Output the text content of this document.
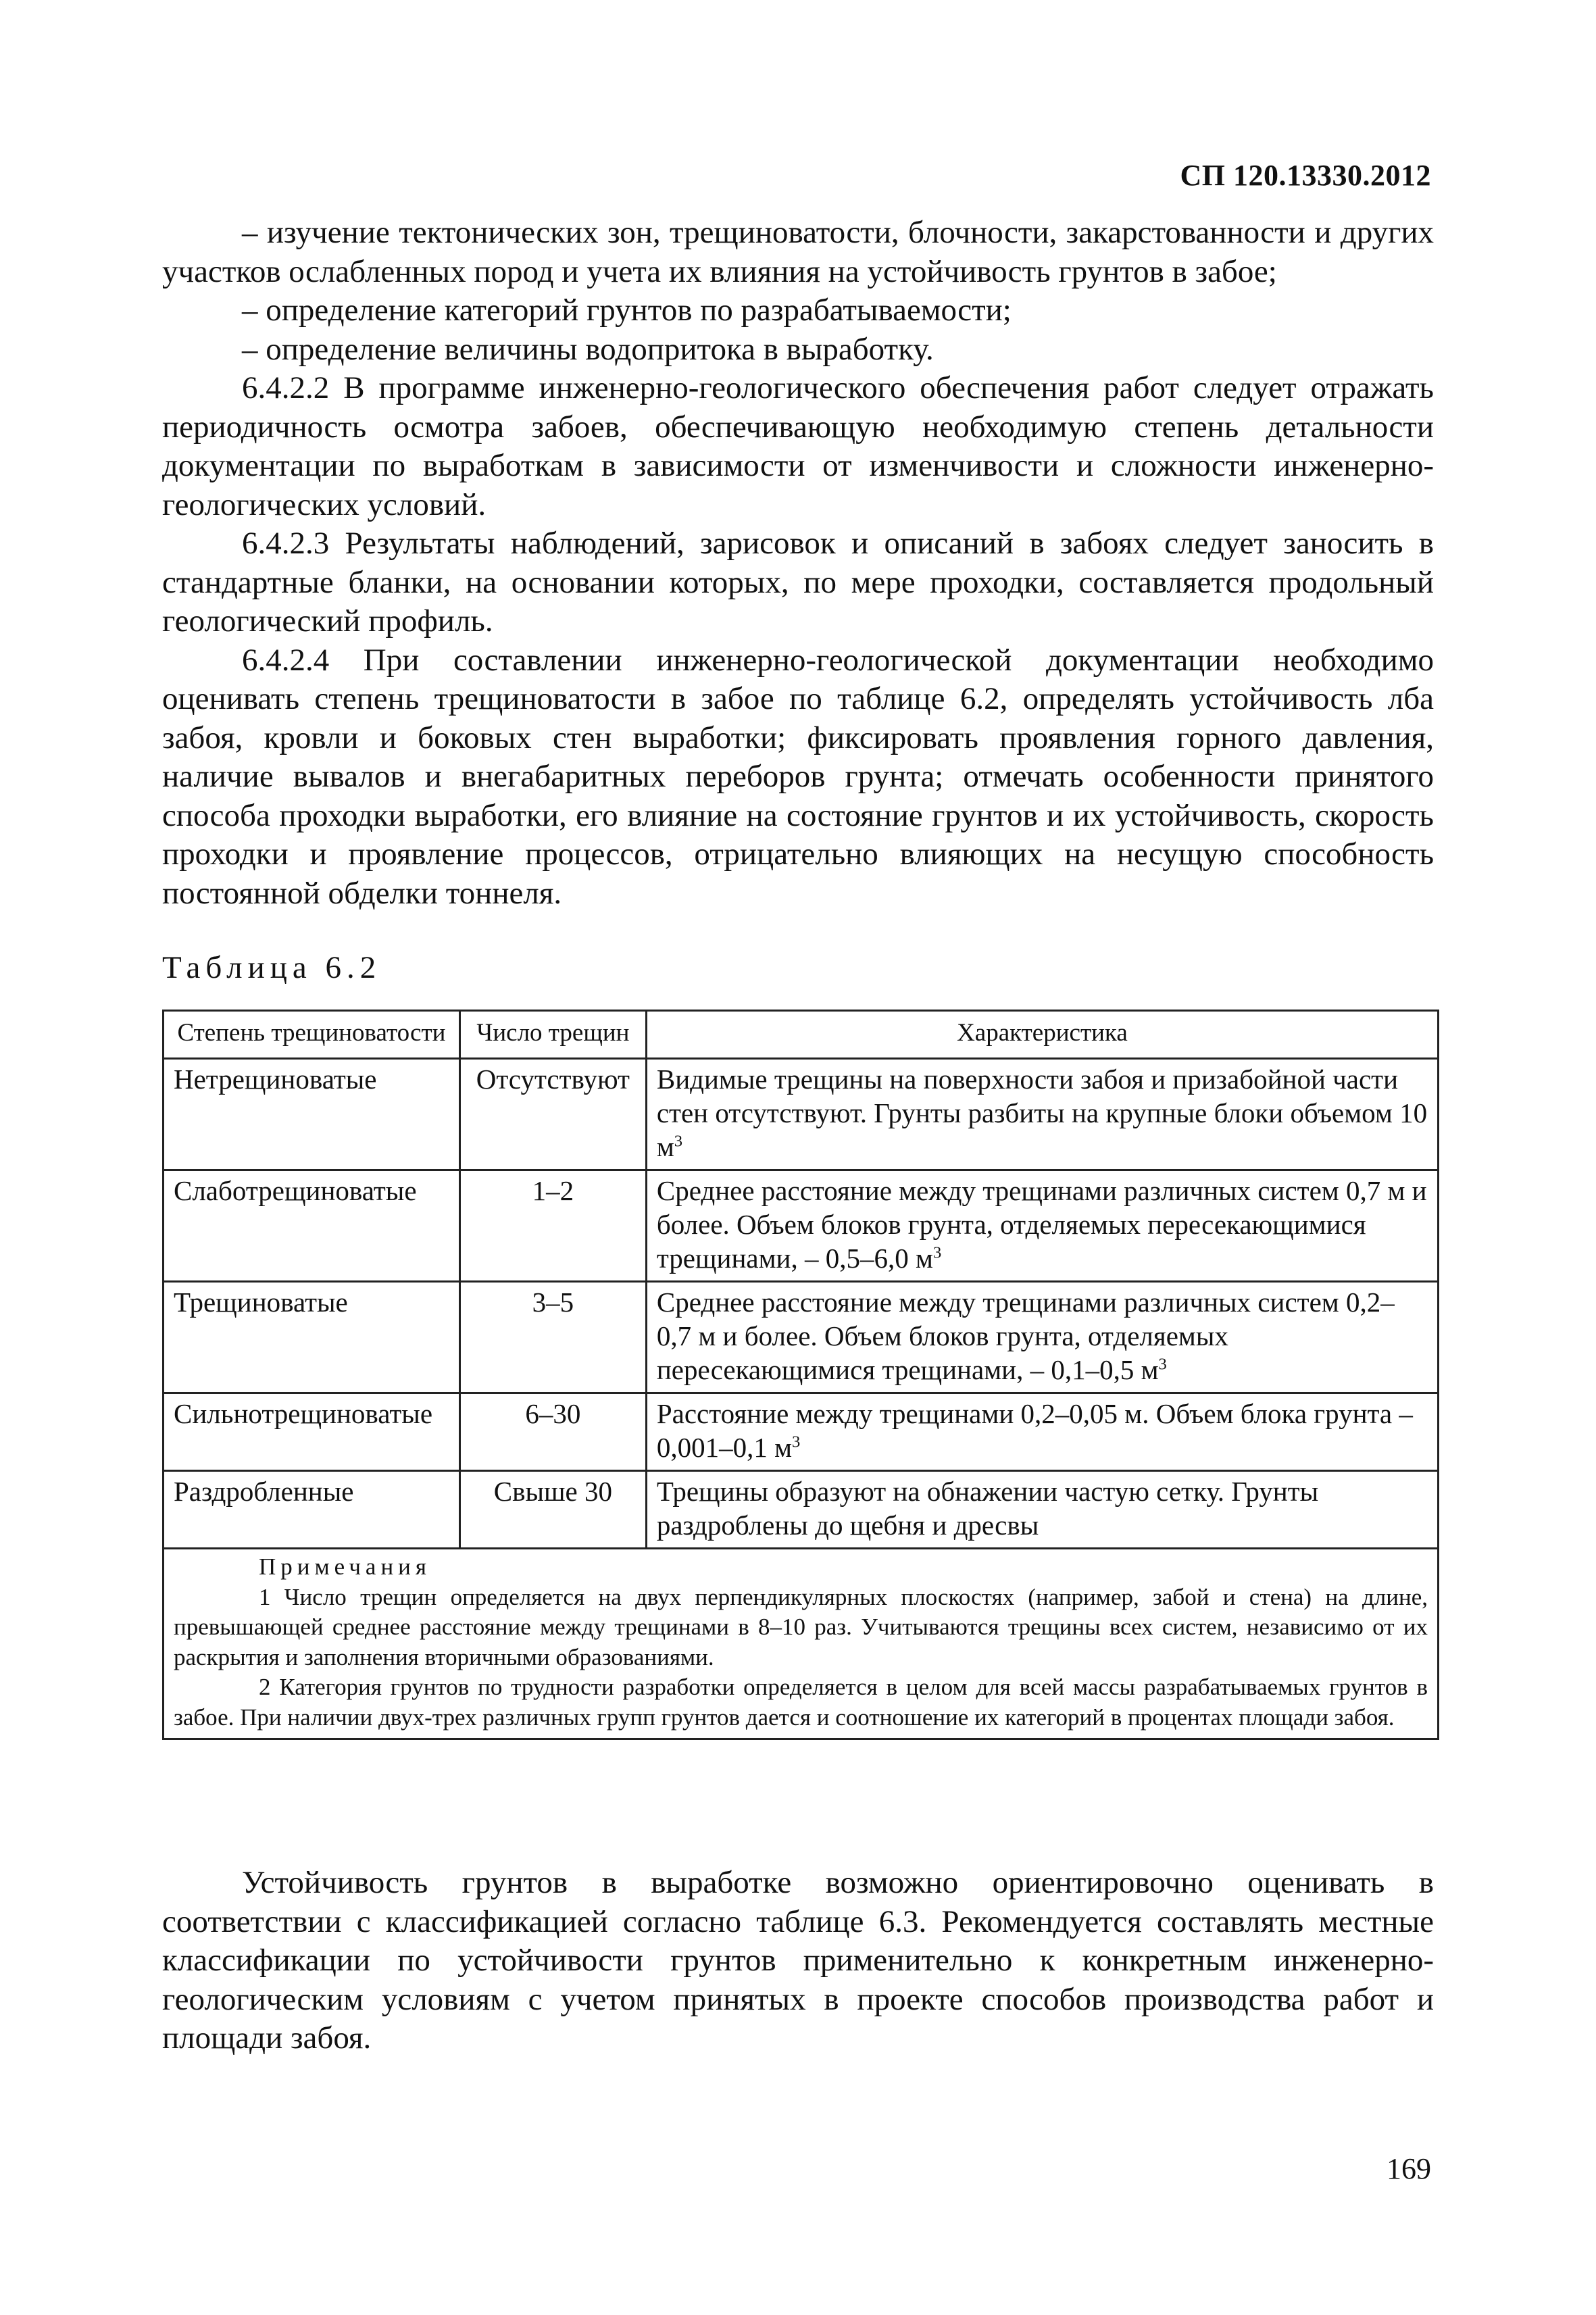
СП 120.13330.2012

– изучение тектонических зон, трещиноватости, блочности, закарстованности и других участков ослабленных пород и учета их влияния на устойчивость грунтов в забое;

– определение категорий грунтов по разрабатываемости;

– определение величины водопритока в выработку.

6.4.2.2 В программе инженерно-геологического обеспечения работ следует отражать периодичность осмотра забоев, обеспечивающую необходимую степень детальности документации по выработкам в зависимости от изменчивости и сложности инженерно-геологических условий.

6.4.2.3 Результаты наблюдений, зарисовок и описаний в забоях следует заносить в стандартные бланки, на основании которых, по мере проходки, составляется продольный геологический профиль.

6.4.2.4 При составлении инженерно-геологической документации необходимо оценивать степень трещиноватости в забое по таблице 6.2, определять устойчивость лба забоя, кровли и боковых стен выработки; фиксировать проявления горного давления, наличие вывалов и внегабаритных переборов грунта; отмечать особенности принятого способа проходки выработки, его влияние на состояние грунтов и их устойчивость, скорость проходки и проявление процессов, отрицательно влияющих на несущую способность постоянной обделки тоннеля.

Таблица 6.2
Степень трещиноватости	Число трещин	Характеристика
Нетрещиноватые	Отсутствуют	Видимые трещины на поверхности забоя и призабойной части стен отсутствуют. Грунты разбиты на крупные блоки объемом 10 $м^3$
Слаботрещиноватые	1–2	Среднее расстояние между трещинами различных систем 0,7 м и более. Объем блоков грунта, отделяемых пересекающимися трещинами, – 0,5–6,0 $м^3$
Трещиноватые	3–5	Среднее расстояние между трещинами различных систем 0,2–0,7 м и более. Объем блоков грунта, отделяемых пересекающимися трещинами, – 0,1–0,5 $м^3$
Сильнотрещиноватые	6–30	Расстояние между трещинами 0,2–0,05 м. Объем блока грунта – 0,001–0,1 $м^3$
Раздробленные	Свыше 30	Трещины образуют на обнажении частую сетку. Грунты раздроблены до щебня и дресвы

Примечания
1 Число трещин определяется на двух перпендикулярных плоскостях (например, забой и стена) на длине, превышающей среднее расстояние между трещинами в 8–10 раз. Учитываются трещины всех систем, независимо от их раскрытия и заполнения вторичными образованиями.
2 Категория грунтов по трудности разработки определяется в целом для всей массы разрабатываемых грунтов в забое. При наличии двух-трех различных групп грунтов дается и соотношение их категорий в процентах площади забоя.		

Устойчивость грунтов в выработке возможно ориентировочно оценивать в соответствии с классификацией согласно таблице 6.3. Рекомендуется составлять местные классификации по устойчивости грунтов применительно к конкретным инженерно-геологическим условиям с учетом принятых в проекте способов производства работ и площади забоя.

169
